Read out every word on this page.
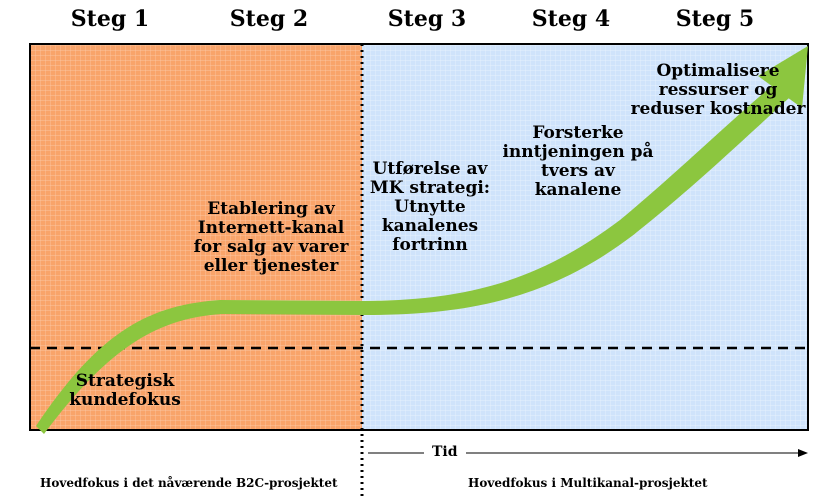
Steg 1	Steg 2	Steg 3	Steg 4	Steg 5
Strategisk
kundefokus
Etablering av
Internett-kanal
for salg av varer
eller tjenester
Utførelse av
MK strategi:
Utnytte
kanalenes
fortrinn
Forsterke
inntjeningen på
tvers av
kanalene
Optimalisere
ressurser og
reduser kostnader
Tid
Hovedfokus i det nåværende B2C-prosjektet	Hovedfokus i Multikanal-prosjektet
